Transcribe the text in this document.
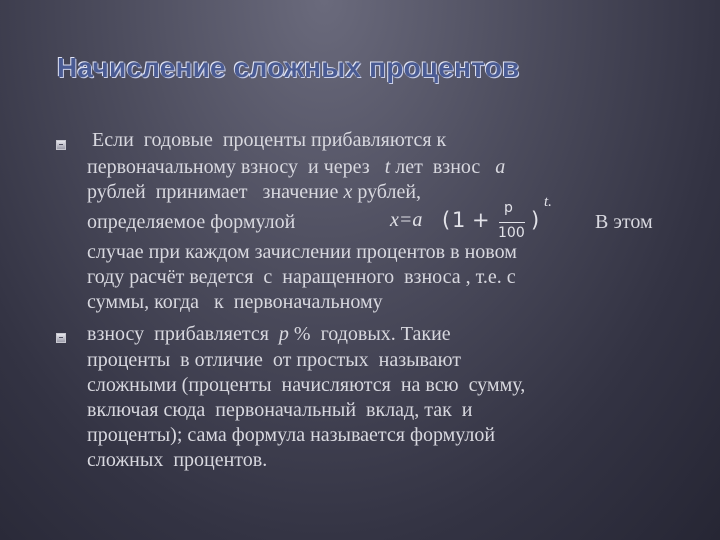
Начисление сложных процентов
Если  годовые  проценты прибавляются к
первоначальному взносу  и через   t лет  взнос   a
рублей  принимает   значение x рублей,
определяемое формулой	x=a ( 1 + p
100
)
t.
В этом
случае при каждом зачислении процентов в новом
году расчёт ведется  с  наращенного  взноса , т.е. с
суммы, когда   к  первоначальному
взносу  прибавляется  p %  годовых. Такие
проценты  в отличие  от простых  называют
сложными (проценты  начисляются  на всю  сумму,
включая сюда  первоначальный  вклад, так  и
проценты); сама формула называется формулой
сложных  процентов.
